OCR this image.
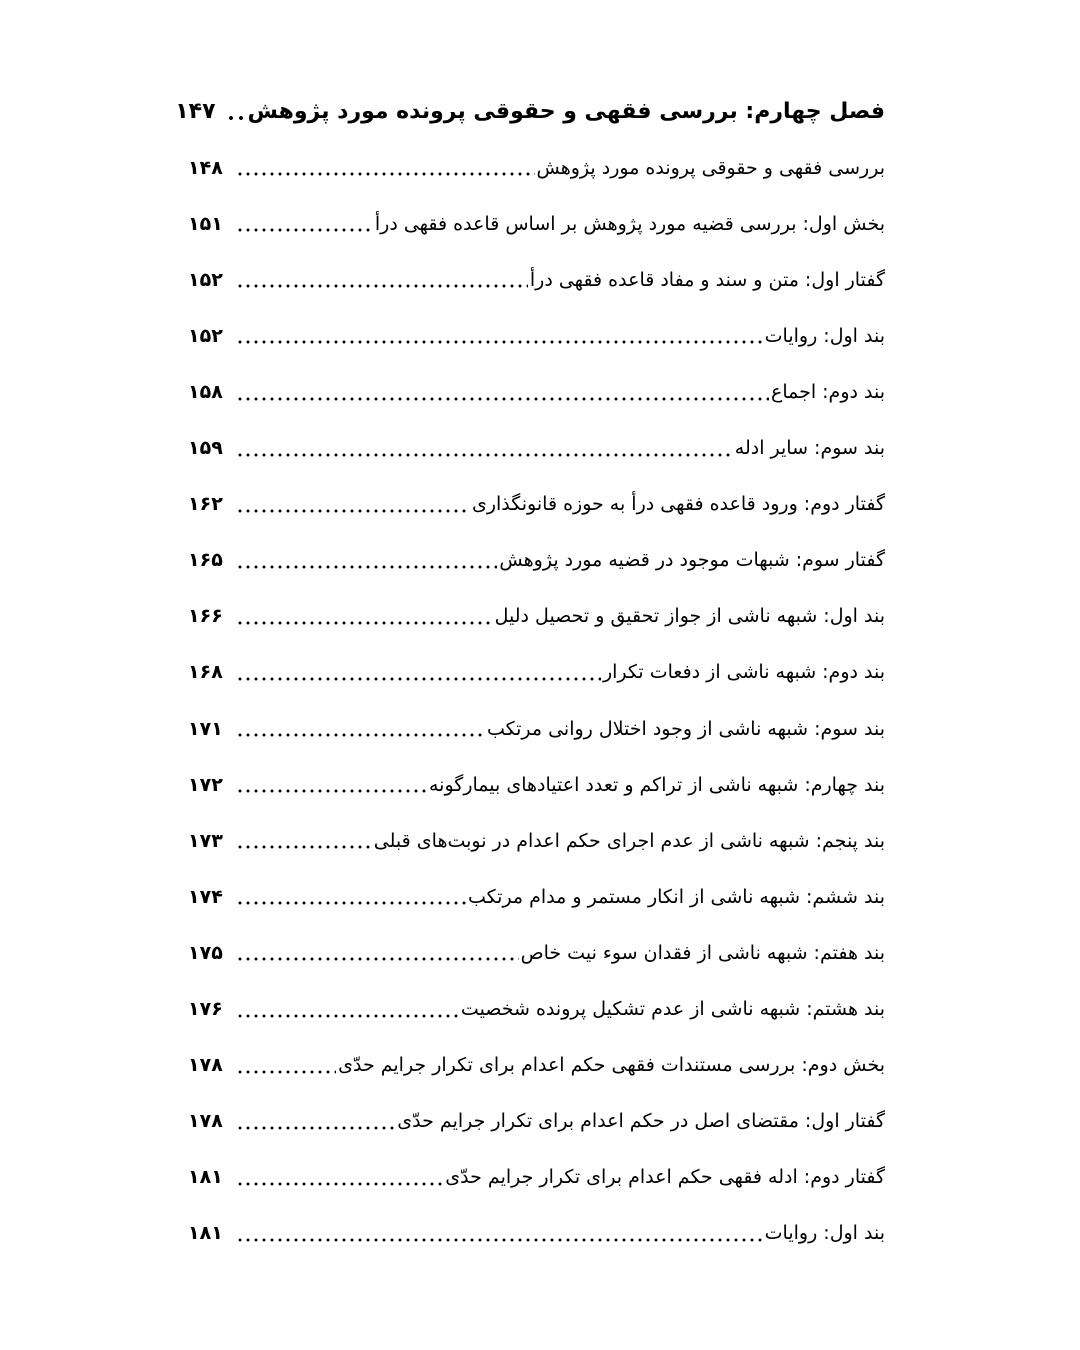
فصل چهارم: بررسی فقهی و حقوقی پرونده مورد پژوهش
۱۴۷
بررسی فقهی و حقوقی پرونده مورد پژوهش
۱۴۸
بخش اول: بررسی قضیه مورد پژوهش بر اساس قاعده فقهی درأ
۱۵۱
گفتار اول: متن و سند و مفاد قاعده فقهی درأ
۱۵۲
بند اول: روایات
۱۵۲
بند دوم: اجماع
۱۵۸
بند سوم: سایر ادله
۱۵۹
گفتار دوم: ورود قاعده فقهی درأ به حوزه قانونگذاری
۱۶۲
گفتار سوم: شبهات موجود در قضیه مورد پژوهش
۱۶۵
بند اول: شبهه ناشی از جواز تحقیق و تحصیل دلیل
۱۶۶
بند دوم: شبهه ناشی از دفعات تکرار
۱۶۸
بند سوم: شبهه ناشی از وجود اختلال روانی مرتکب
۱۷۱
بند چهارم: شبهه ناشی از تراکم و تعدد اعتیادهای بیمارگونه
۱۷۲
بند پنجم: شبهه ناشی از عدم اجرای حکم اعدام در نوبت‌های قبلی
۱۷۳
بند ششم: شبهه ناشی از انکار مستمر و مدام مرتکب
۱۷۴
بند هفتم: شبهه ناشی از فقدان سوء نیت خاص
۱۷۵
بند هشتم: شبهه ناشی از عدم تشکیل پرونده شخصیت
۱۷۶
بخش دوم: بررسی مستندات فقهی حکم اعدام برای تکرار جرایم حدّی
۱۷۸
گفتار اول: مقتضای اصل در حکم اعدام برای تکرار جرایم حدّی
۱۷۸
گفتار دوم: ادله فقهی حکم اعدام برای تکرار جرایم حدّی
۱۸۱
بند اول: روایات
۱۸۱
